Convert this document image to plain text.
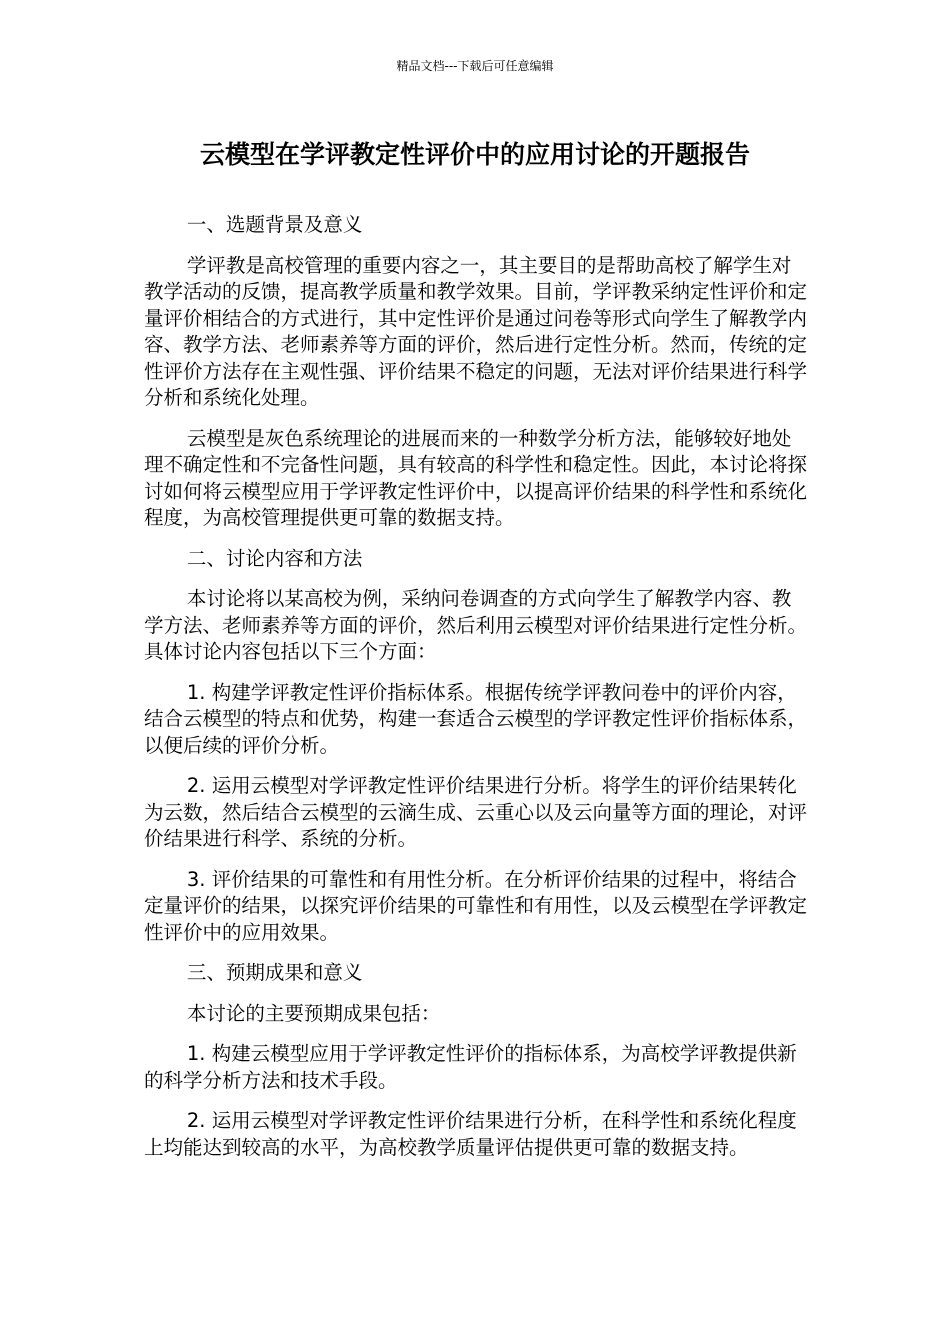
精品文档---下载后可任意编辑
云模型在学评教定性评价中的应用讨论的开题报告

一、选题背景及意义

学评教是高校管理的重要内容之一，其主要目的是帮助高校了解学生对教学活动的反馈，提高教学质量和教学效果。目前，学评教采纳定性评价和定量评价相结合的方式进行，其中定性评价是通过问卷等形式向学生了解教学内容、教学方法、老师素养等方面的评价，然后进行定性分析。然而，传统的定性评价方法存在主观性强、评价结果不稳定的问题，无法对评价结果进行科学分析和系统化处理。

云模型是灰色系统理论的进展而来的一种数学分析方法，能够较好地处理不确定性和不完备性问题，具有较高的科学性和稳定性。因此，本讨论将探讨如何将云模型应用于学评教定性评价中，以提高评价结果的科学性和系统化程度，为高校管理提供更可靠的数据支持。

二、讨论内容和方法

本讨论将以某高校为例，采纳问卷调查的方式向学生了解教学内容、教学方法、老师素养等方面的评价，然后利用云模型对评价结果进行定性分析。具体讨论内容包括以下三个方面：

1. 构建学评教定性评价指标体系。根据传统学评教问卷中的评价内容，结合云模型的特点和优势，构建一套适合云模型的学评教定性评价指标体系，以便后续的评价分析。

2. 运用云模型对学评教定性评价结果进行分析。将学生的评价结果转化为云数，然后结合云模型的云滴生成、云重心以及云向量等方面的理论，对评价结果进行科学、系统的分析。

3. 评价结果的可靠性和有用性分析。在分析评价结果的过程中，将结合定量评价的结果，以探究评价结果的可靠性和有用性，以及云模型在学评教定性评价中的应用效果。

三、预期成果和意义

本讨论的主要预期成果包括：

1. 构建云模型应用于学评教定性评价的指标体系，为高校学评教提供新的科学分析方法和技术手段。

2. 运用云模型对学评教定性评价结果进行分析，在科学性和系统化程度上均能达到较高的水平，为高校教学质量评估提供更可靠的数据支持。
